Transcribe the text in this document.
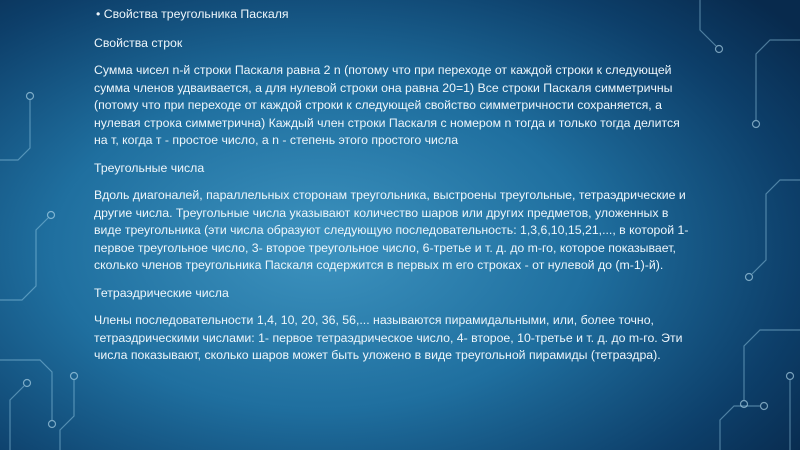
• Свойства треугольника Паскаля

Свойства строк

Сумма чисел n-й строки Паскаля равна 2 n (потому что при переходе от каждой строки к следующей сумма членов удваивается, а для нулевой строки она равна 20=1) Все строки Паскаля симметричны (потому что при переходе от каждой строки к следующей свойство симметричности сохраняется, а нулевая строка симметрична) Каждый член строки Паскаля с номером n тогда и только тогда делится на т, когда т - простое число, а n - степень этого простого числа

Треугольные числа

Вдоль диагоналей, параллельных сторонам треугольника, выстроены треугольные, тетраэдрические и другие числа. Треугольные числа указывают количество шаров или других предметов, уложенных в виде треугольника (эти числа образуют следующую последовательность: 1,3,6,10,15,21,..., в которой 1- первое треугольное число, 3- второе треугольное число, 6-третье и т. д. до m-го, которое показывает, сколько членов треугольника Паскаля содержится в первых m его строках - от нулевой до (m-1)-й).

Тетраэдрические числа

Члены последовательности 1,4, 10, 20, 36, 56,... называются пирамидальными, или, более точно, тетраэдрическими числами: 1- первое тетраэдрическое число, 4- второе, 10-третье и т. д. до m-го. Эти числа показывают, сколько шаров может быть уложено в виде треугольной пирамиды (тетраэдра).
